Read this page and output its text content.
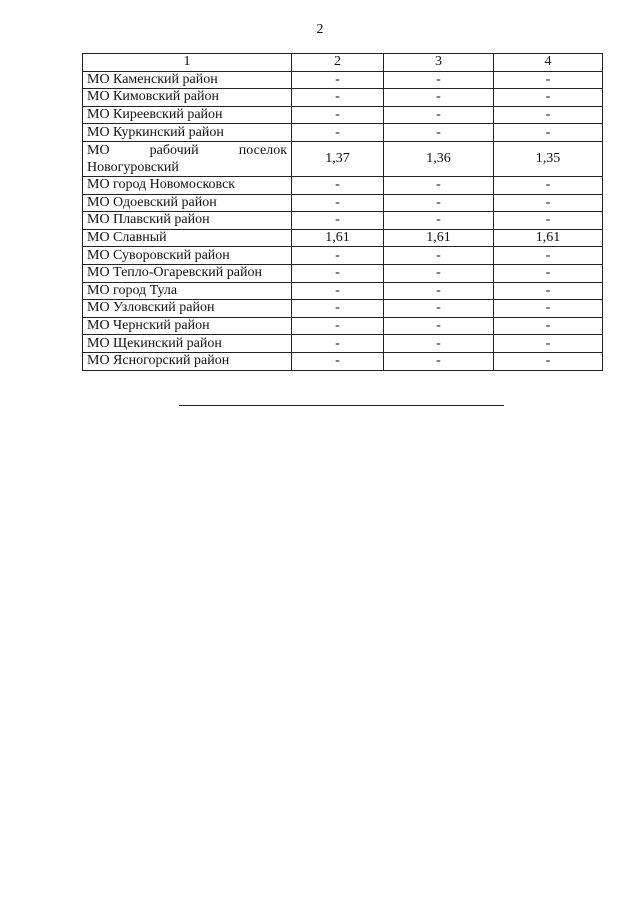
2
1	2	3	4
МО Каменский район	-	-	-
МО Кимовский район	-	-	-
МО Киреевский район	-	-	-
МО Куркинский район	-	-	-
МО рабочий поселок Новогуровский	1,37	1,36	1,35
МО город Новомосковск	-	-	-
МО Одоевский район	-	-	-
МО Плавский район	-	-	-
МО Славный	1,61	1,61	1,61
МО Суворовский район	-	-	-
МО Тепло-Огаревский район	-	-	-
МО город Тула	-	-	-
МО Узловский район	-	-	-
МО Чернский район	-	-	-
МО Щекинский район	-	-	-
МО Ясногорский район	-	-	-
